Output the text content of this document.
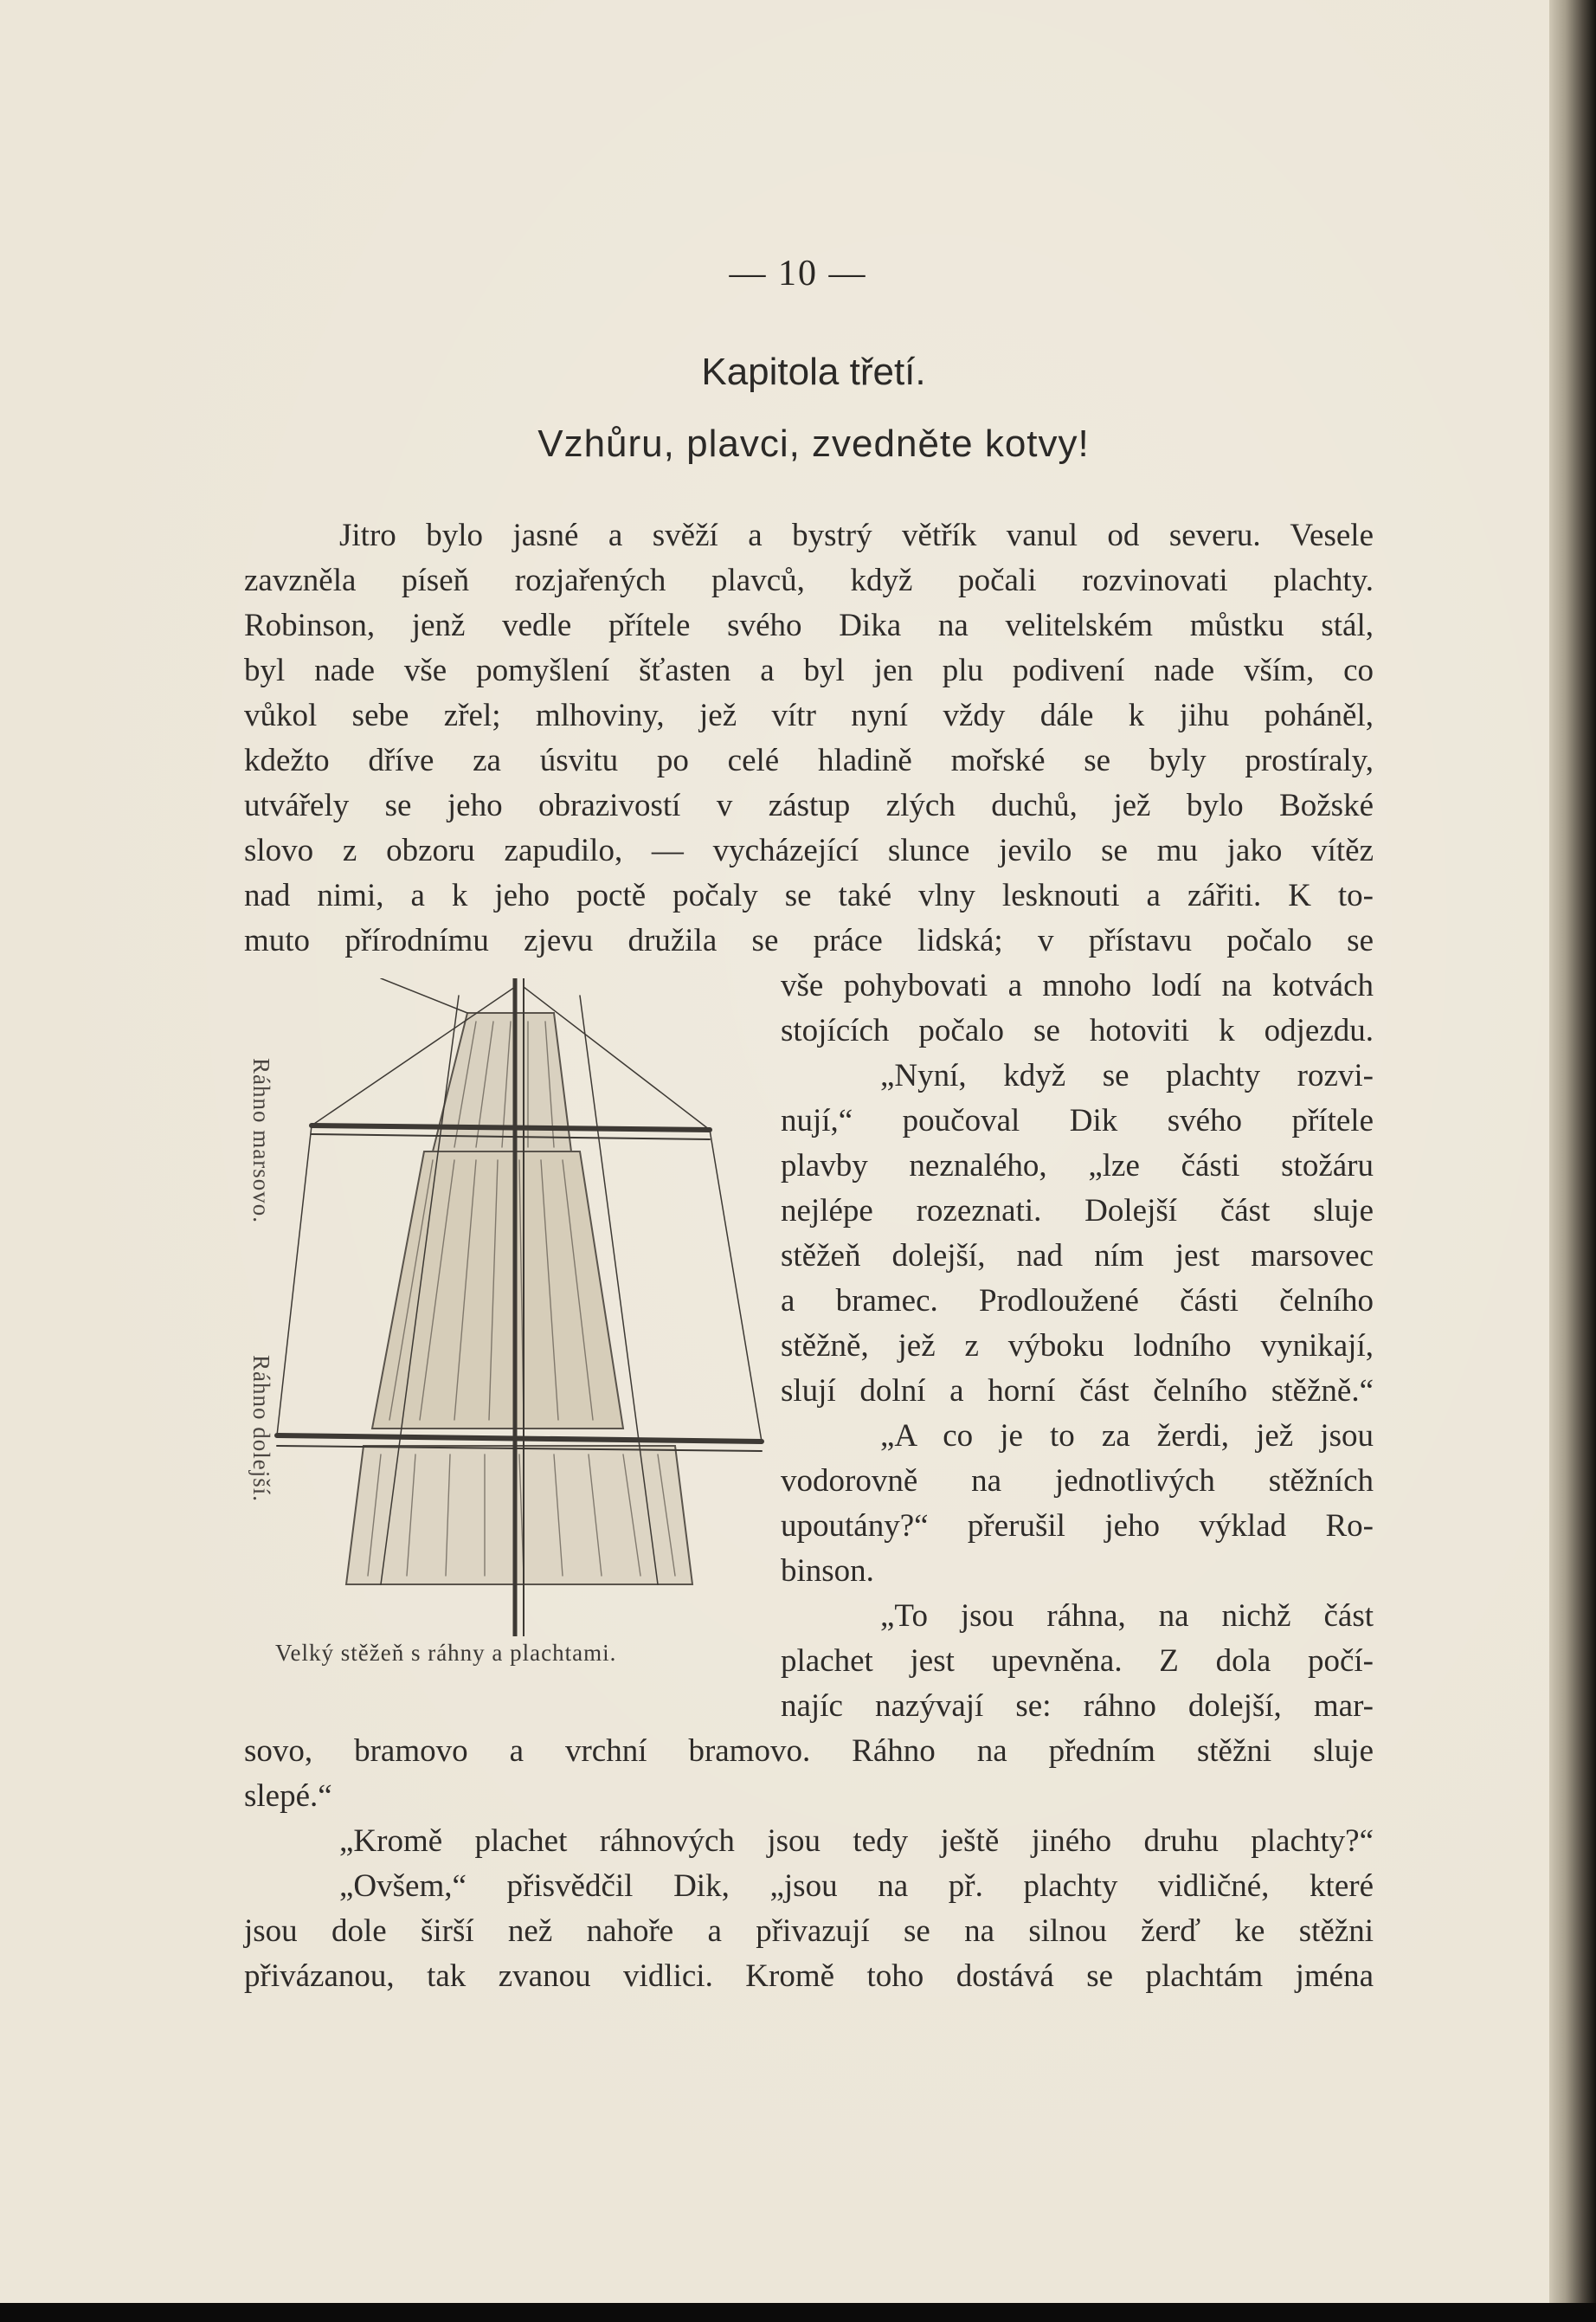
— 10 —
Kapitola třetí.
Vzhůru, plavci, zvedněte kotvy!
Jitro bylo jasné a svěží a bystrý větřík vanul od severu. Vesele
zavzněla píseň rozjařených plavců, když počali rozvinovati plachty.
Robinson, jenž vedle přítele svého Dika na velitelském můstku stál,
byl nade vše pomyšlení šťasten a byl jen plu podivení nade vším, co
vůkol sebe zřel; mlhoviny, jež vítr nyní vždy dále k jihu poháněl,
kdežto dříve za úsvitu po celé hladině mořské se byly prostíraly,
utvářely se jeho obrazivostí v zástup zlých duchů, jež bylo Božské
slovo z obzoru zapudilo, — vycházející slunce jevilo se mu jako vítěz
nad nimi, a k jeho poctě počaly se také vlny lesknouti a zářiti. K to-
muto přírodnímu zjevu družila se práce lidská; v přístavu počalo se
vše pohybovati a mnoho lodí na kotvách
stojících počalo se hotoviti k odjezdu.
„Nyní, když se plachty rozvi-
nují,“ poučoval Dik svého přítele
plavby neznalého, „lze části stožáru
nejlépe rozeznati. Dolejší část sluje
stěžeň dolejší, nad ním jest marsovec
a bramec. Prodloužené části čelního
stěžně, jež z výboku lodního vynikají,
slují dolní a horní část čelního stěžně.“
„A co je to za žerdi, jež jsou
vodorovně na jednotlivých stěžních
upoutány?“ přerušil jeho výklad Ro-
binson.
„To jsou ráhna, na nichž část
plachet jest upevněna. Z dola počí-
najíc nazývají se: ráhno dolejší, mar-
Ráhno marsovo.
Ráhno dolejší.
Velký stěžeň s ráhny a plachtami.
sovo, bramovo a vrchní bramovo. Ráhno na předním stěžni sluje
slepé.“
„Kromě plachet ráhnových jsou tedy ještě jiného druhu plachty?“
„Ovšem,“ přisvědčil Dik, „jsou na př. plachty vidličné, které
jsou dole širší než nahoře a přivazují se na silnou žerď ke stěžni
přivázanou, tak zvanou vidlici. Kromě toho dostává se plachtám jména
